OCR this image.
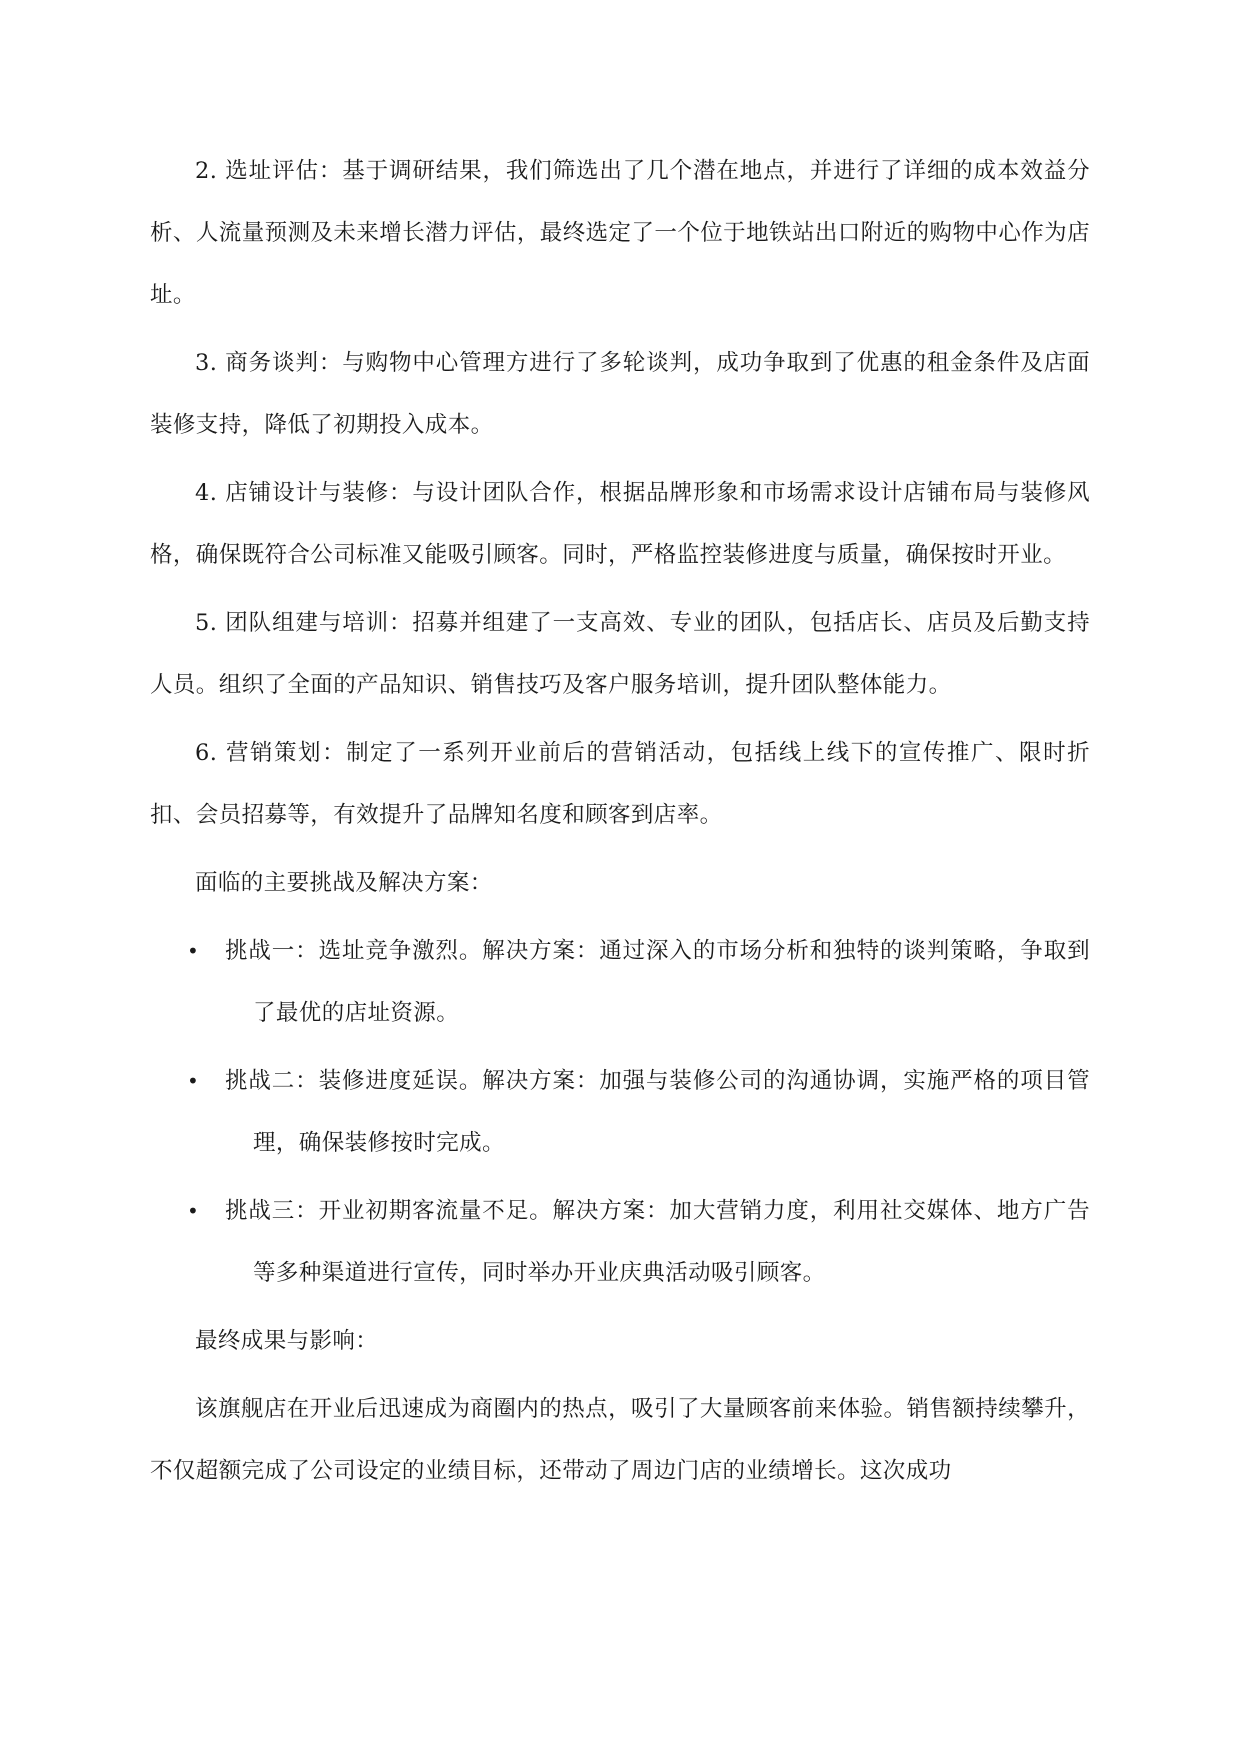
2. 选址评估：基于调研结果，我们筛选出了几个潜在地点，并进行了详细的成本效益分析、人流量预测及未来增长潜力评估，最终选定了一个位于地铁站出口附近的购物中心作为店址。

3. 商务谈判：与购物中心管理方进行了多轮谈判，成功争取到了优惠的租金条件及店面装修支持，降低了初期投入成本。

4. 店铺设计与装修：与设计团队合作，根据品牌形象和市场需求设计店铺布局与装修风格，确保既符合公司标准又能吸引顾客。同时，严格监控装修进度与质量，确保按时开业。

5. 团队组建与培训：招募并组建了一支高效、专业的团队，包括店长、店员及后勤支持人员。组织了全面的产品知识、销售技巧及客户服务培训，提升团队整体能力。

6. 营销策划：制定了一系列开业前后的营销活动，包括线上线下的宣传推广、限时折扣、会员招募等，有效提升了品牌知名度和顾客到店率。

面临的主要挑战及解决方案：

• 挑战一：选址竞争激烈。解决方案：通过深入的市场分析和独特的谈判策略，争取到了最优的店址资源。
• 挑战二：装修进度延误。解决方案：加强与装修公司的沟通协调，实施严格的项目管理，确保装修按时完成。
• 挑战三：开业初期客流量不足。解决方案：加大营销力度，利用社交媒体、地方广告等多种渠道进行宣传，同时举办开业庆典活动吸引顾客。

最终成果与影响：

该旗舰店在开业后迅速成为商圈内的热点，吸引了大量顾客前来体验。销售额持续攀升，不仅超额完成了公司设定的业绩目标，还带动了周边门店的业绩增长。这次成功
